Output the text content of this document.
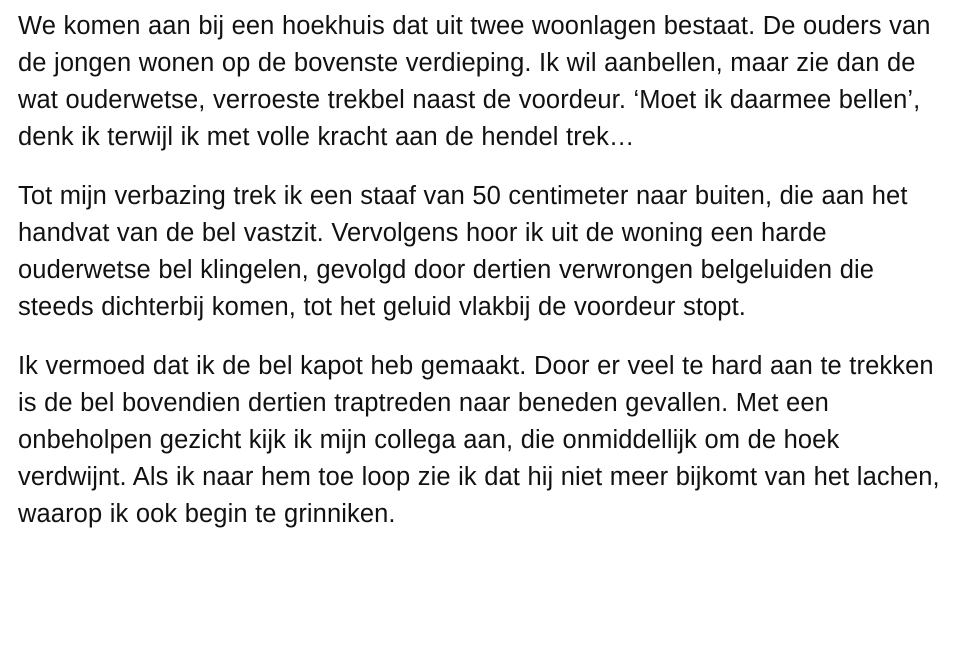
We komen aan bij een hoekhuis dat uit twee woonlagen bestaat. De ouders van de jongen wonen op de bovenste verdieping. Ik wil aanbellen, maar zie dan de wat ouderwetse, verroeste trekbel naast de voordeur. ‘Moet ik daarmee bellen’, denk ik terwijl ik met volle kracht aan de hendel trek…

Tot mijn verbazing trek ik een staaf van 50 centimeter naar buiten, die aan het handvat van de bel vastzit. Vervolgens hoor ik uit de woning een harde ouderwetse bel klingelen, gevolgd door dertien verwrongen belgeluiden die steeds dichterbij komen, tot het geluid vlakbij de voordeur stopt.

Ik vermoed dat ik de bel kapot heb gemaakt. Door er veel te hard aan te trekken is de bel bovendien dertien traptreden naar beneden gevallen. Met een onbeholpen gezicht kijk ik mijn collega aan, die onmiddellijk om de hoek verdwijnt. Als ik naar hem toe loop zie ik dat hij niet meer bijkomt van het lachen, waarop ik ook begin te grinniken.
